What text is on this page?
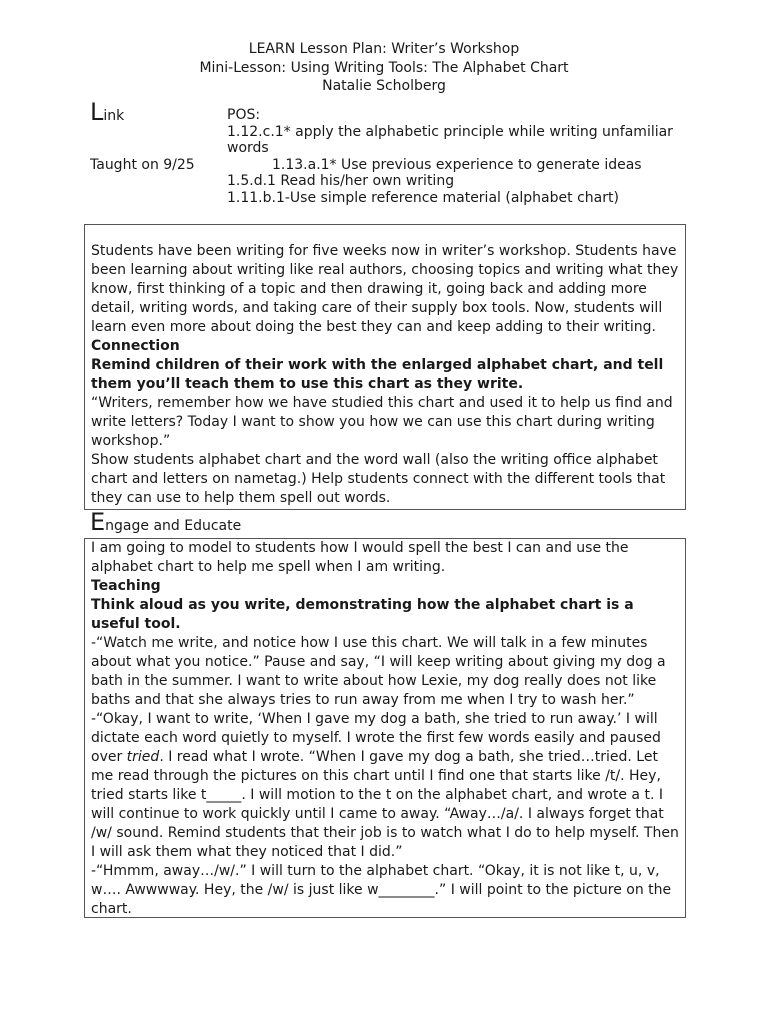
LEARN Lesson Plan: Writer’s Workshop
Mini-Lesson: Using Writing Tools: The Alphabet Chart
Natalie Scholberg
Link
Taught on 9/25
POS:
1.12.c.1* apply the alphabetic principle while writing unfamiliar words
1.13.a.1* Use previous experience to generate ideas
1.5.d.1 Read his/her own writing
1.11.b.1-Use simple reference material (alphabet chart)

Students have been writing for five weeks now in writer’s workshop. Students have been learning about writing like real authors, choosing topics and writing what they know, first thinking of a topic and then drawing it, going back and adding more detail, writing words, and taking care of their supply box tools. Now, students will learn even more about doing the best they can and keep adding to their writing.

Connection

Remind children of their work with the enlarged alphabet chart, and tell them you’ll teach them to use this chart as they write.

“Writers, remember how we have studied this chart and used it to help us find and write letters? Today I want to show you how we can use this chart during writing workshop.”

Show students alphabet chart and the word wall (also the writing office alphabet chart and letters on nametag.) Help students connect with the different tools that they can use to help them spell out words.

Engage and Educate

I am going to model to students how I would spell the best I can and use the alphabet chart to help me spell when I am writing.

Teaching

Think aloud as you write, demonstrating how the alphabet chart is a useful tool.

-“Watch me write, and notice how I use this chart. We will talk in a few minutes about what you notice.” Pause and say, “I will keep writing about giving my dog a bath in the summer. I want to write about how Lexie, my dog really does not like baths and that she always tries to run away from me when I try to wash her.”

-“Okay, I want to write, ‘When I gave my dog a bath, she tried to run away.’ I will dictate each word quietly to myself. I wrote the first few words easily and paused over tried. I read what I wrote. “When I gave my dog a bath, she tried…tried. Let me read through the pictures on this chart until I find one that starts like /t/. Hey, tried starts like t_____. I will motion to the t on the alphabet chart, and wrote a t. I will continue to work quickly until I came to away. “Away…/a/. I always forget that /w/ sound. Remind students that their job is to watch what I do to help myself. Then I will ask them what they noticed that I did.”

-“Hmmm, away…/w/.” I will turn to the alphabet chart. “Okay, it is not like t, u, v, w…. Awwwway. Hey, the /w/ is just like w________.” I will point to the picture on the chart.
